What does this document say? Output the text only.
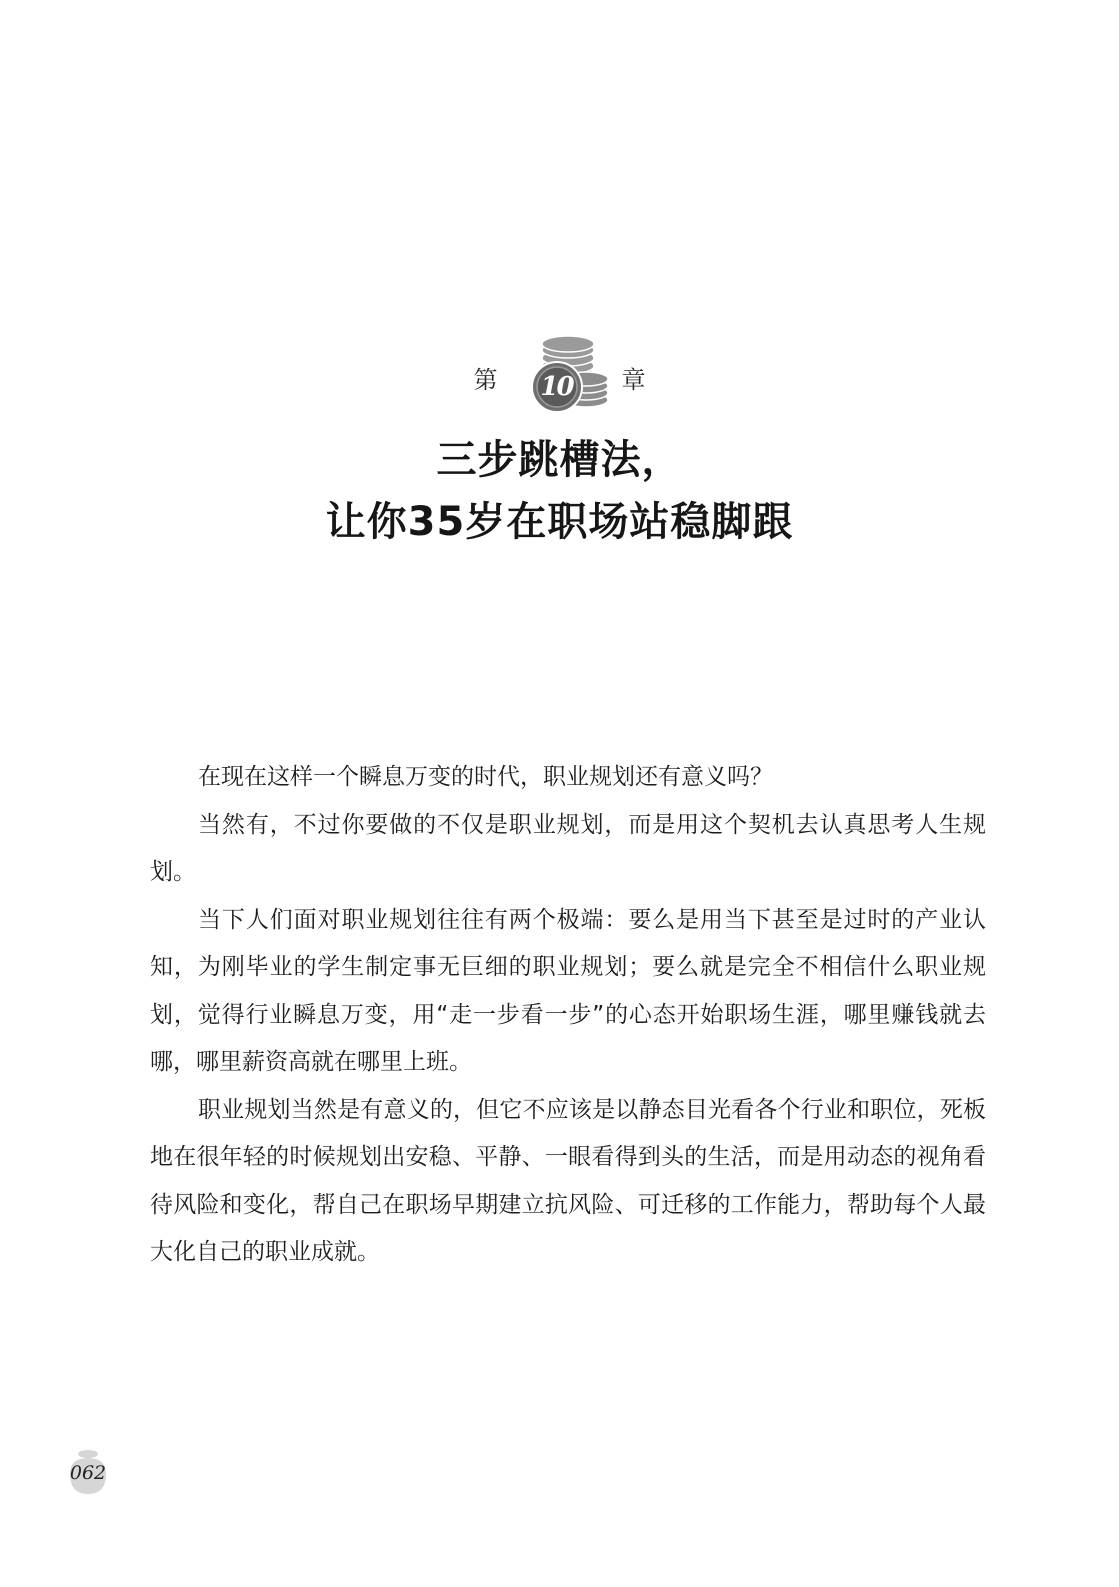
第 10 章
三步跳槽法，
让你35岁在职场站稳脚跟

在现在这样一个瞬息万变的时代，职业规划还有意义吗？

当然有，不过你要做的不仅是职业规划，而是用这个契机去认真思考人生规划。

当下人们面对职业规划往往有两个极端：要么是用当下甚至是过时的产业认知，为刚毕业的学生制定事无巨细的职业规划；要么就是完全不相信什么职业规划，觉得行业瞬息万变，用“走一步看一步”的心态开始职场生涯，哪里赚钱就去哪，哪里薪资高就在哪里上班。

职业规划当然是有意义的，但它不应该是以静态目光看各个行业和职位，死板地在很年轻的时候规划出安稳、平静、一眼看得到头的生活，而是用动态的视角看待风险和变化，帮自己在职场早期建立抗风险、可迁移的工作能力，帮助每个人最大化自己的职业成就。

062
